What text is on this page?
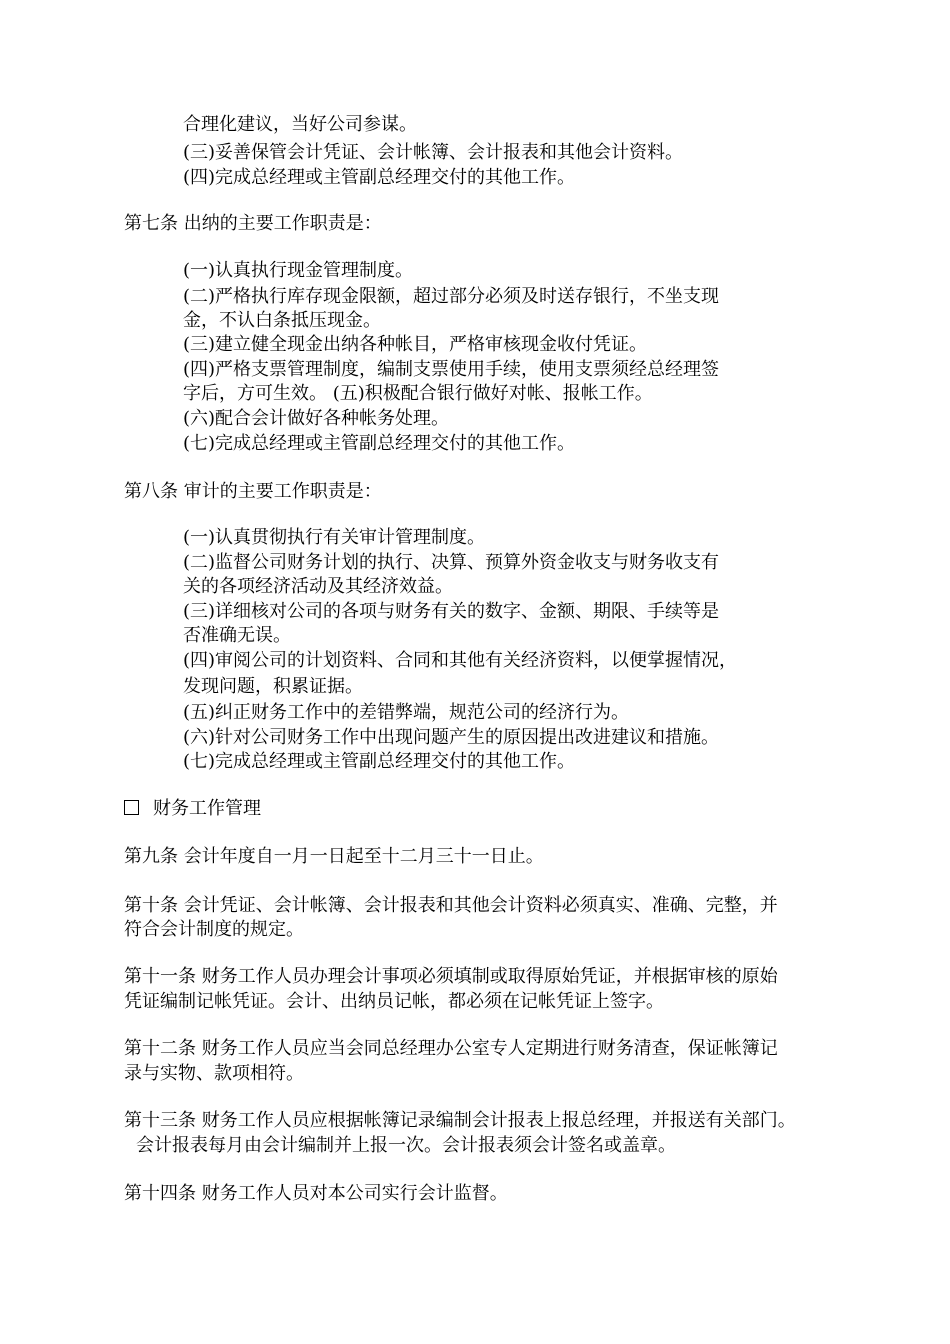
合理化建议，当好公司参谋。
(三)妥善保管会计凭证、会计帐簿、会计报表和其他会计资料。
(四)完成总经理或主管副总经理交付的其他工作。
第七条 出纳的主要工作职责是：
(一)认真执行现金管理制度。
(二)严格执行库存现金限额，超过部分必须及时送存银行，不坐支现
金，不认白条抵压现金。
(三)建立健全现金出纳各种帐目，严格审核现金收付凭证。
(四)严格支票管理制度，编制支票使用手续，使用支票须经总经理签
字后，方可生效。 (五)积极配合银行做好对帐、报帐工作。
(六)配合会计做好各种帐务处理。
(七)完成总经理或主管副总经理交付的其他工作。
第八条 审计的主要工作职责是：
(一)认真贯彻执行有关审计管理制度。
(二)监督公司财务计划的执行、决算、预算外资金收支与财务收支有
关的各项经济活动及其经济效益。
(三)详细核对公司的各项与财务有关的数字、金额、期限、手续等是
否准确无误。
(四)审阅公司的计划资料、合同和其他有关经济资料，以便掌握情况，
发现问题，积累证据。
(五)纠正财务工作中的差错弊端，规范公司的经济行为。
(六)针对公司财务工作中出现问题产生的原因提出改进建议和措施。
(七)完成总经理或主管副总经理交付的其他工作。
财务工作管理
第九条 会计年度自一月一日起至十二月三十一日止。
第十条 会计凭证、会计帐簿、会计报表和其他会计资料必须真实、准确、完整，并
符合会计制度的规定。
第十一条 财务工作人员办理会计事项必须填制或取得原始凭证，并根据审核的原始
凭证编制记帐凭证。会计、出纳员记帐，都必须在记帐凭证上签字。
第十二条 财务工作人员应当会同总经理办公室专人定期进行财务清查，保证帐簿记
录与实物、款项相符。
第十三条 财务工作人员应根据帐簿记录编制会计报表上报总经理，并报送有关部门。
会计报表每月由会计编制并上报一次。会计报表须会计签名或盖章。
第十四条 财务工作人员对本公司实行会计监督。
